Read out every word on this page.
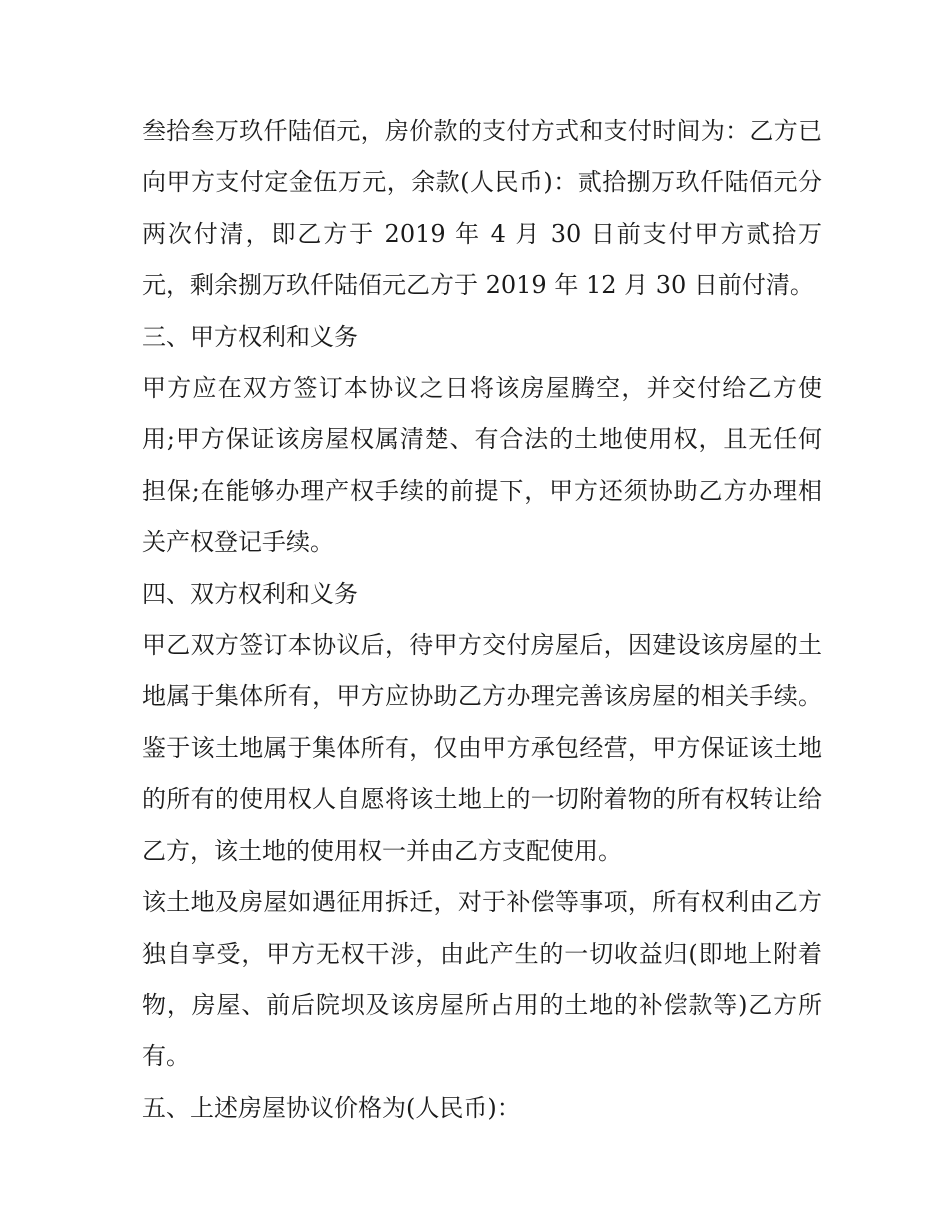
叁拾叁万玖仟陆佰元，房价款的支付方式和支付时间为：乙方已向甲方支付定金伍万元，余款(人民币)：贰拾捌万玖仟陆佰元分两次付清，即乙方于 2019 年 4 月 30 日前支付甲方贰拾万元，剩余捌万玖仟陆佰元乙方于 2019 年 12 月 30 日前付清。

三、甲方权利和义务

甲方应在双方签订本协议之日将该房屋腾空，并交付给乙方使用;甲方保证该房屋权属清楚、有合法的土地使用权，且无任何担保;在能够办理产权手续的前提下，甲方还须协助乙方办理相关产权登记手续。

四、双方权利和义务

甲乙双方签订本协议后，待甲方交付房屋后，因建设该房屋的土地属于集体所有，甲方应协助乙方办理完善该房屋的相关手续。鉴于该土地属于集体所有，仅由甲方承包经营，甲方保证该土地的所有的使用权人自愿将该土地上的一切附着物的所有权转让给乙方，该土地的使用权一并由乙方支配使用。

该土地及房屋如遇征用拆迁，对于补偿等事项，所有权利由乙方独自享受，甲方无权干涉，由此产生的一切收益归(即地上附着物，房屋、前后院坝及该房屋所占用的土地的补偿款等)乙方所有。

五、上述房屋协议价格为(人民币)：
